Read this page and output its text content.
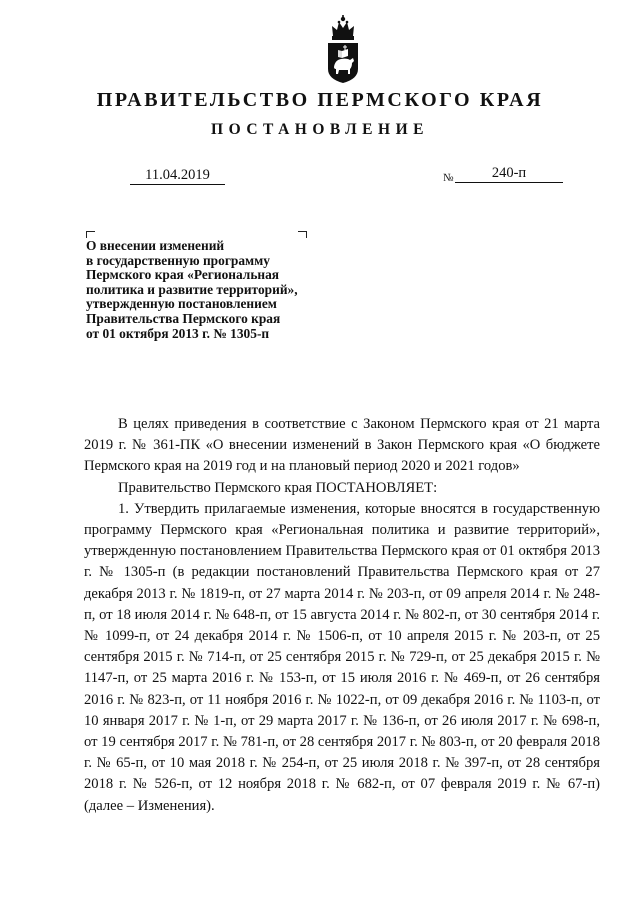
ПРАВИТЕЛЬСТВО ПЕРМСКОГО КРАЯ
ПОСТАНОВЛЕНИЕ
11.04.2019	№	240-п
О внесении изменений
в государственную программу
Пермского края «Региональная
политика и развитие территорий»,
утвержденную постановлением
Правительства Пермского края
от 01 октября 2013 г. № 1305-п

В целях приведения в соответствие с Законом Пермского края от 21 марта 2019 г. № 361-ПК «О внесении изменений в Закон Пермского края «О бюджете Пермского края на 2019 год и на плановый период 2020 и 2021 годов»

Правительство Пермского края ПОСТАНОВЛЯЕТ:

1. Утвердить прилагаемые изменения, которые вносятся в государственную программу Пермского края «Региональная политика и развитие территорий», утвержденную постановлением Правительства Пермского края от 01 октября 2013 г. № 1305-п (в редакции постановлений Правительства Пермского края от 27 декабря 2013 г. № 1819-п, от 27 марта 2014 г. № 203-п, от 09 апреля 2014 г. № 248-п, от 18 июля 2014 г. № 648-п, от 15 августа 2014 г. № 802-п, от 30 сентября 2014 г. № 1099-п, от 24 декабря 2014 г. № 1506-п, от 10 апреля 2015 г. № 203-п, от 25 сентября 2015 г. № 714-п, от 25 сентября 2015 г. № 729-п, от 25 декабря 2015 г. № 1147-п, от 25 марта 2016 г. № 153-п, от 15 июля 2016 г. № 469-п, от 26 сентября 2016 г. № 823-п, от 11 ноября 2016 г. № 1022-п, от 09 декабря 2016 г. № 1103-п, от 10 января 2017 г. № 1-п, от 29 марта 2017 г. № 136-п, от 26 июля 2017 г. № 698-п, от 19 сентября 2017 г. № 781-п, от 28 сентября 2017 г. № 803-п, от 20 февраля 2018 г. № 65-п, от 10 мая 2018 г. № 254-п, от 25 июля 2018 г. № 397-п, от 28 сентября 2018 г. № 526-п, от 12 ноября 2018 г. № 682-п, от 07 февраля 2019 г. № 67-п) (далее – Изменения).
